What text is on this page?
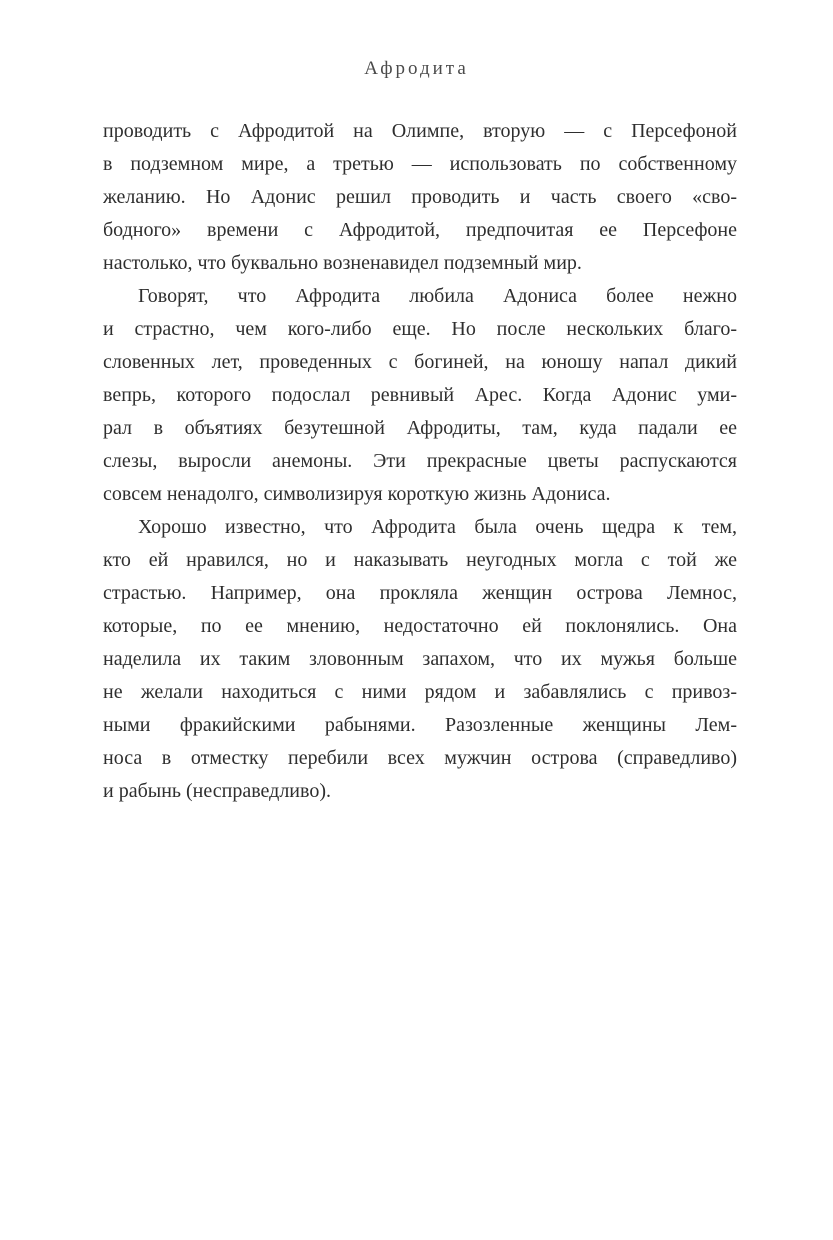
Афродита
проводить с Афродитой на Олимпе, вторую — с Персефоной
в подземном мире, а третью — использовать по собственному
желанию. Но Адонис решил проводить и часть своего «сво-
бодного» времени с Афродитой, предпочитая ее Персефоне
настолько, что буквально возненавидел подземный мир.
Говорят, что Афродита любила Адониса более нежно
и страстно, чем кого-либо еще. Но после нескольких благо-
словенных лет, проведенных с богиней, на юношу напал дикий
вепрь, которого подослал ревнивый Арес. Когда Адонис уми-
рал в объятиях безутешной Афродиты, там, куда падали ее
слезы, выросли анемоны. Эти прекрасные цветы распускаются
совсем ненадолго, символизируя короткую жизнь Адониса.
Хорошо известно, что Афродита была очень щедра к тем,
кто ей нравился, но и наказывать неугодных могла с той же
страстью. Например, она прокляла женщин острова Лемнос,
которые, по ее мнению, недостаточно ей поклонялись. Она
наделила их таким зловонным запахом, что их мужья больше
не желали находиться с ними рядом и забавлялись с привоз-
ными фракийскими рабынями. Разозленные женщины Лем-
носа в отместку перебили всех мужчин острова (справедливо)
и рабынь (несправедливо).
